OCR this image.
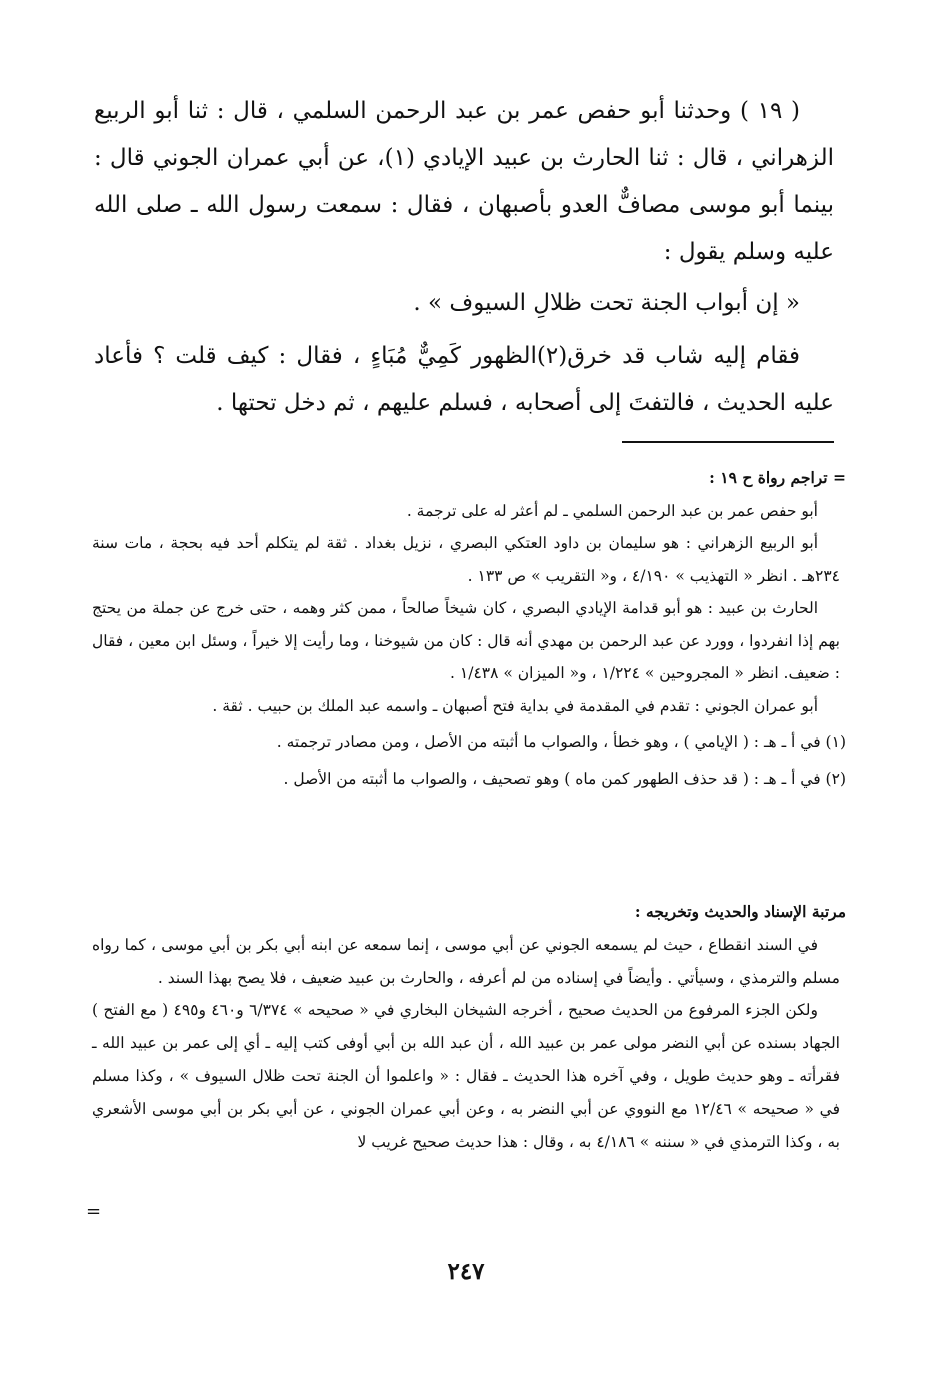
( ١٩ ) وحدثنا أبو حفص عمر بن عبد الرحمن السلمي ، قال : ثنا أبو الربيع الزهراني ، قال : ثنا الحارث بن عبيد الإيادي (١)، عن أبي عمران الجوني قال : بينما أبو موسى مصافٌّ العدو بأصبهان ، فقال : سمعت رسول الله ـ صلى الله عليه وسلم يقول :

« إن أبواب الجنة تحت ظلالِ السيوف » .

فقام إليه شاب قد خرق(٢)الظهور كَمِيٌّ مُبَاءٍ ، فقال : كيف قلت ؟ فأعاد عليه الحديث ، فالتفتَ إلى أصحابه ، فسلم عليهم ، ثم دخل تحتها .

= تراجم رواة ح ١٩ :

أبو حفص عمر بن عبد الرحمن السلمي ـ لم أعثر له على ترجمة .

أبو الربيع الزهراني : هو سليمان بن داود العتكي البصري ، نزيل بغداد . ثقة لم يتكلم أحد فيه بحجة ، مات سنة ٢٣٤هـ . انظر « التهذيب » ٤/١٩٠ ، و« التقريب » ص ١٣٣ .

الحارث بن عبيد : هو أبو قدامة الإيادي البصري ، كان شيخاً صالحاً ، ممن كثر وهمه ، حتى خرج عن جملة من يحتج بهم إذا انفردوا ، وورد عن عبد الرحمن بن مهدي أنه قال : كان من شيوخنا ، وما رأيت إلا خيراً ، وسئل ابن معين ، فقال : ضعيف. انظر « المجروحين » ١/٢٢٤ ، و« الميزان » ١/٤٣٨ .

أبو عمران الجوني : تقدم في المقدمة في بداية فتح أصبهان ـ واسمه عبد الملك بن حبيب . ثقة .

(١) في أ ـ هـ : ( الإيامي ) ، وهو خطأ ، والصواب ما أثبته من الأصل ، ومن مصادر ترجمته .

(٢) في أ ـ هـ : ( قد حذف الطهور كمن ماه ) وهو تصحيف ، والصواب ما أثبته من الأصل .

مرتبة الإسناد والحديث وتخريجه :

في السند انقطاع ، حيث لم يسمعه الجوني عن أبي موسى ، إنما سمعه عن ابنه أبي بكر بن أبي موسى ، كما رواه مسلم والترمذي ، وسيأتي . وأيضاً في إسناده من لم أعرفه ، والحارث بن عبيد ضعيف ، فلا يصح بهذا السند .

ولكن الجزء المرفوع من الحديث صحيح ، أخرجه الشيخان البخاري في « صحيحه » ٦/٣٧٤ و٤٦٠ و٤٩٥ ( مع الفتح ) الجهاد بسنده عن أبي النضر مولى عمر بن عبيد الله ، أن عبد الله بن أبي أوفى كتب إليه ـ أي إلى عمر بن عبيد الله ـ فقرأته ـ وهو حديث طويل ، وفي آخره هذا الحديث ـ فقال : « واعلموا أن الجنة تحت ظلال السيوف » ، وكذا مسلم في « صحيحه » ١٢/٤٦ مع النووي عن أبي النضر به ، وعن أبي عمران الجوني ، عن أبي بكر بن أبي موسى الأشعري به ، وكذا الترمذي في « سننه » ٤/١٨٦ به ، وقال : هذا حديث صحيح غريب لا

=
٢٤٧
